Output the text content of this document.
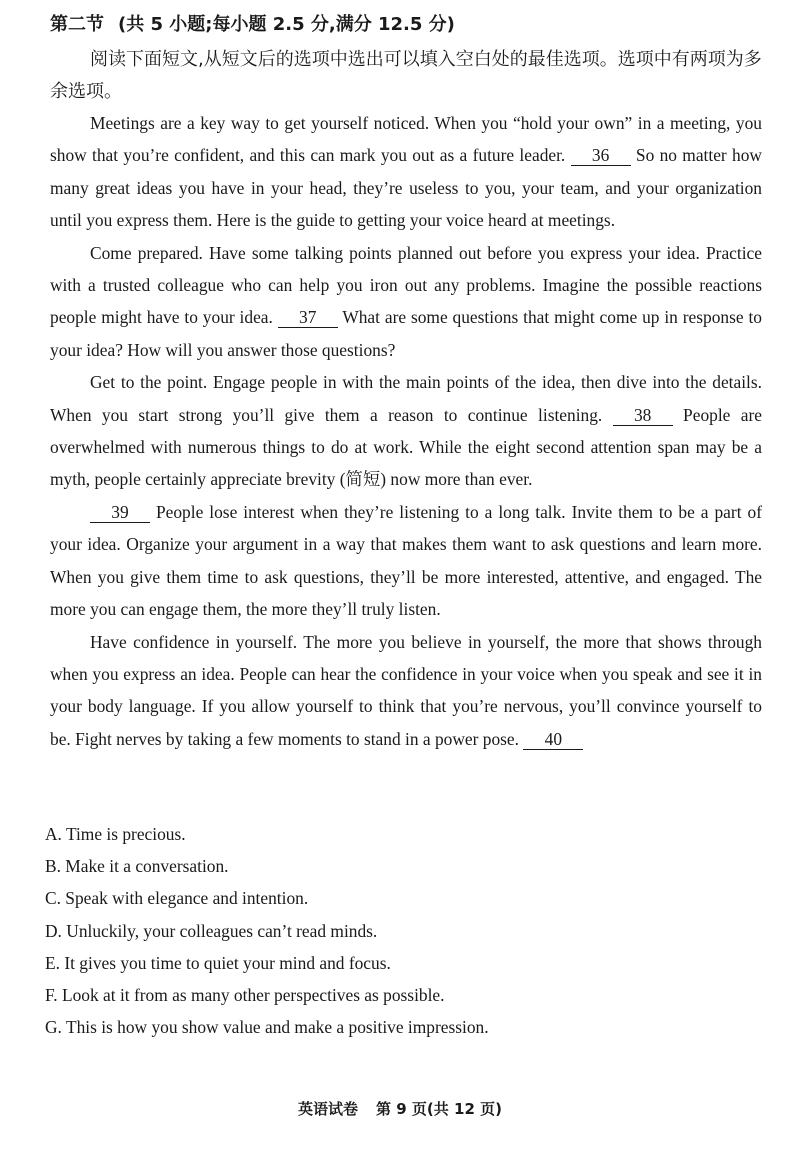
第二节 (共 5 小题;每小题 2.5 分,满分 12.5 分)
阅读下面短文,从短文后的选项中选出可以填入空白处的最佳选项。选项中有两项为多余选项。

Meetings are a key way to get yourself noticed. When you “hold your own” in a meeting, you show that you’re confident, and this can mark you out as a future leader. 36 So no matter how many great ideas you have in your head, they’re useless to you, your team, and your organization until you express them. Here is the guide to getting your voice heard at meetings.

Come prepared. Have some talking points planned out before you express your idea. Practice with a trusted colleague who can help you iron out any problems. Imagine the possible reactions people might have to your idea. 37 What are some questions that might come up in response to your idea? How will you answer those questions?

Get to the point. Engage people in with the main points of the idea, then dive into the details. When you start strong you’ll give them a reason to continue listening. 38 People are overwhelmed with numerous things to do at work. While the eight second attention span may be a myth, people certainly appreciate brevity (简短) now more than ever.

39 People lose interest when they’re listening to a long talk. Invite them to be a part of your idea. Organize your argument in a way that makes them want to ask questions and learn more. When you give them time to ask questions, they’ll be more interested, attentive, and engaged. The more you can engage them, the more they’ll truly listen.

Have confidence in yourself. The more you believe in yourself, the more that shows through when you express an idea. People can hear the confidence in your voice when you speak and see it in your body language. If you allow yourself to think that you’re nervous, you’ll convince yourself to be. Fight nerves by taking a few moments to stand in a power pose. 40

A. Time is precious.
B. Make it a conversation.
C. Speak with elegance and intention.
D. Unluckily, your colleagues can’t read minds.
E. It gives you time to quiet your mind and focus.
F. Look at it from as many other perspectives as possible.
G. This is how you show value and make a positive impression.
英语试卷 第 9 页(共 12 页)
